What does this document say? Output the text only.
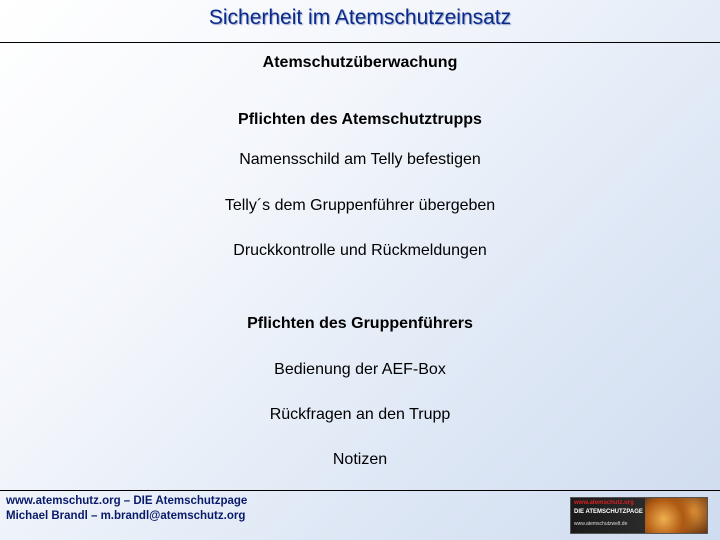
Sicherheit im Atemschutzeinsatz
Atemschutzüberwachung
Pflichten des Atemschutztrupps
Namensschild am Telly befestigen
Telly´s dem Gruppenführer übergeben
Druckkontrolle und Rückmeldungen
Pflichten des Gruppenführers
Bedienung der AEF-Box
Rückfragen an den Trupp
Notizen
www.atemschutz.org – DIE Atemschutzpage
Michael Brandl – m.brandl@atemschutz.org
www.atemschutz.org
DIE ATEMSCHUTZPAGE
www.atemschutzwelt.de
